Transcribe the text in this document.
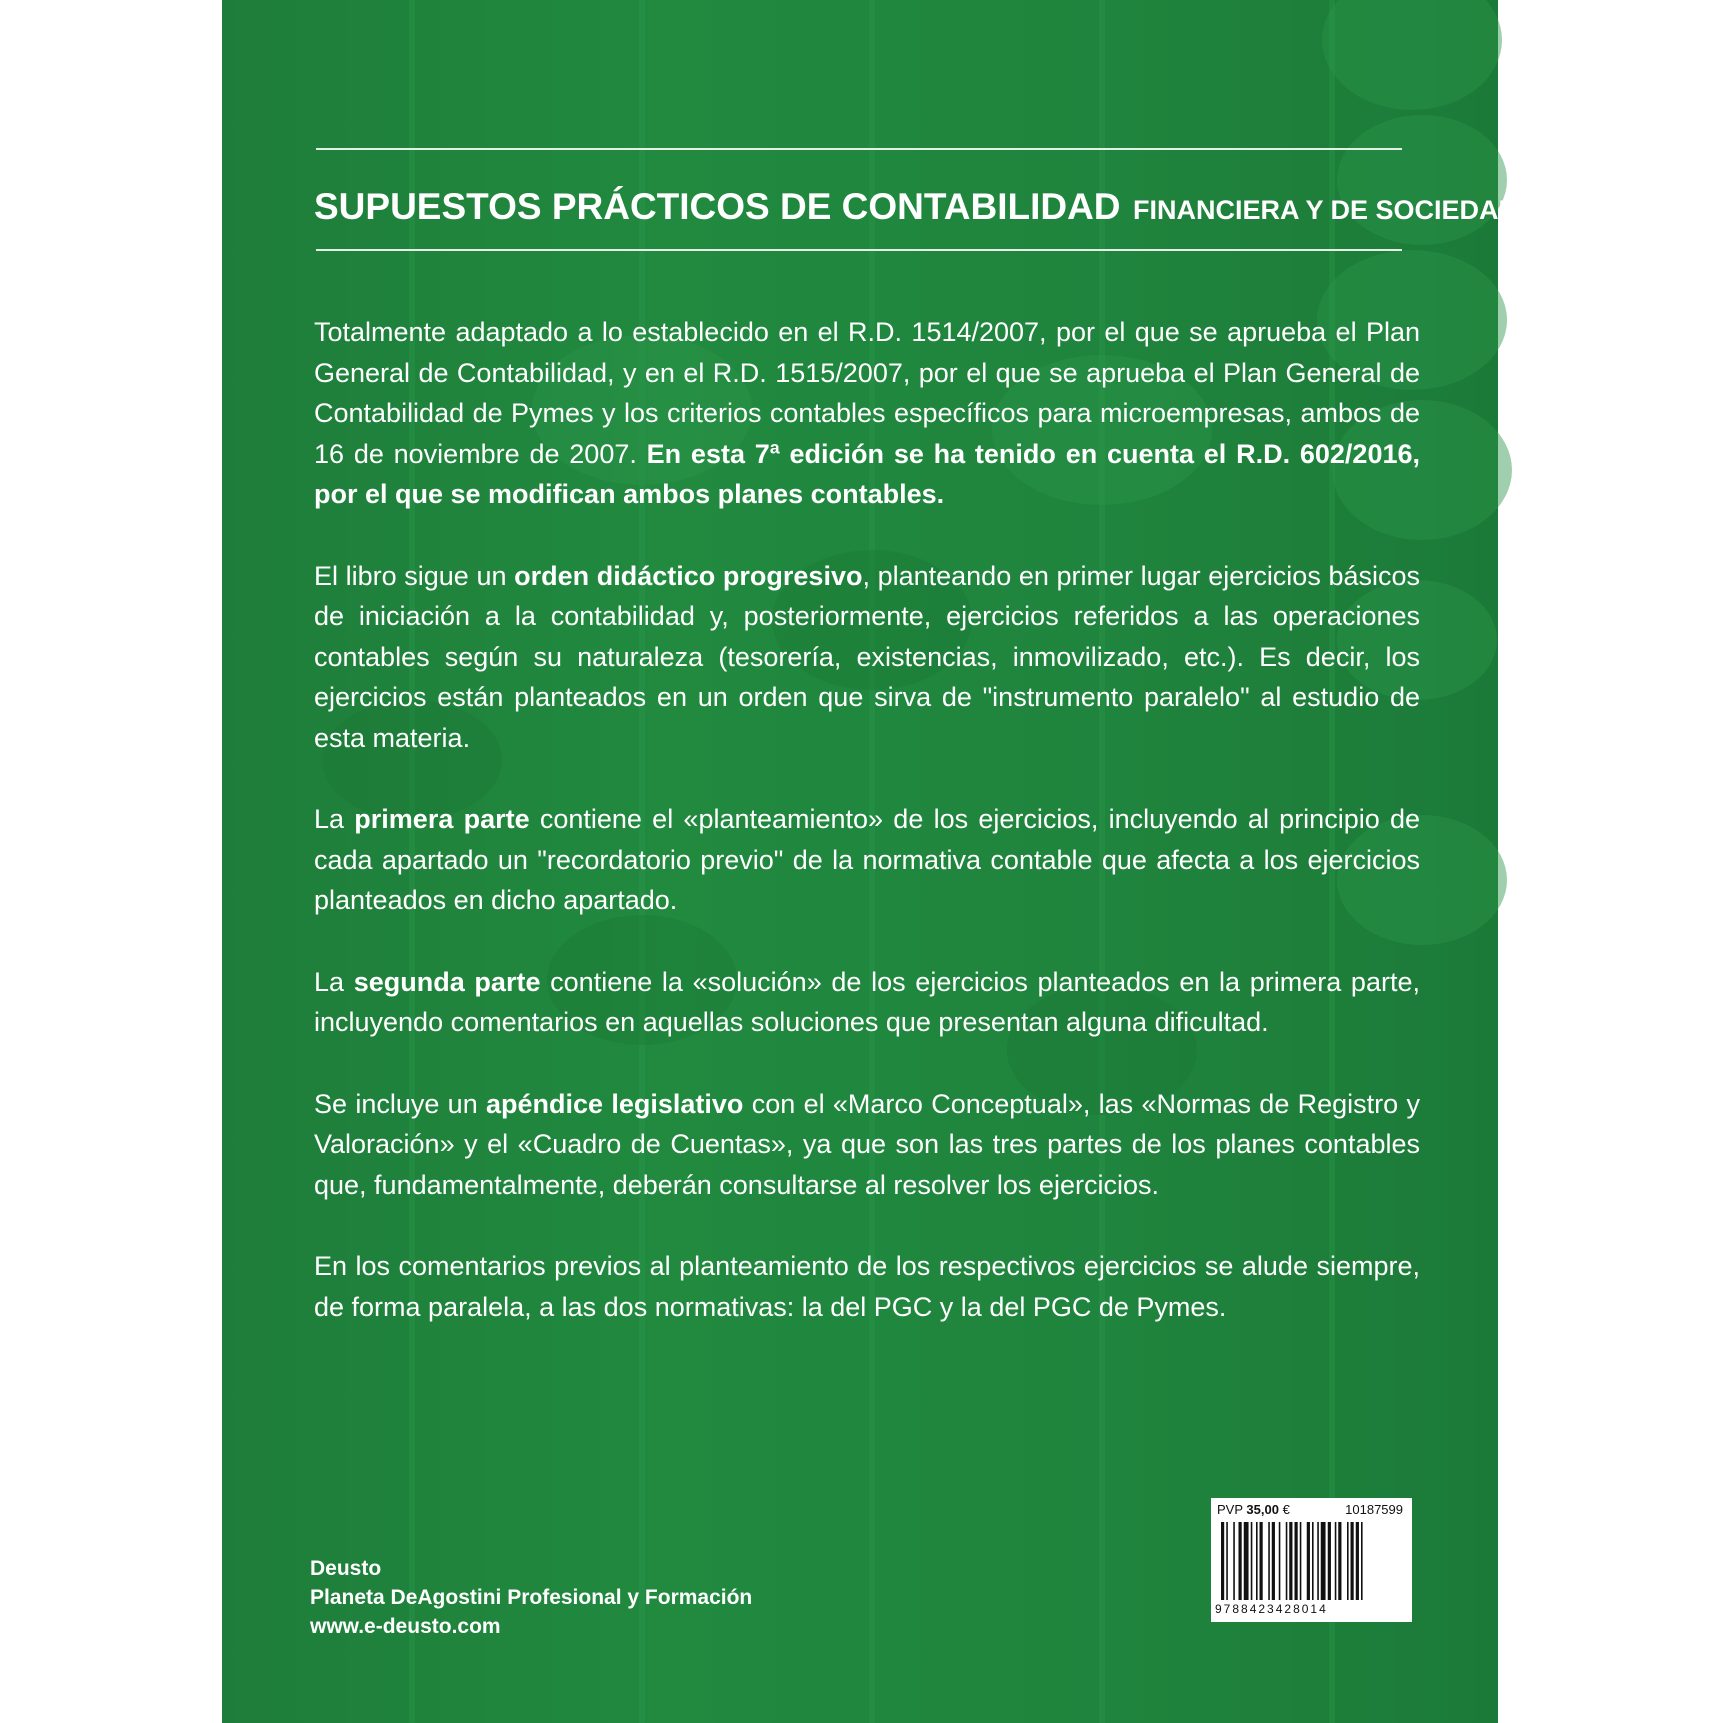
SUPUESTOS PRÁCTICOS DE CONTABILIDAD FINANCIERA Y DE SOCIEDADES

Totalmente adaptado a lo establecido en el R.D. 1514/2007, por el que se aprueba el Plan General de Contabilidad, y en el R.D. 1515/2007, por el que se aprueba el Plan General de Contabilidad de Pymes y los criterios contables específicos para microempresas, ambos de 16 de noviembre de 2007. En esta 7ª edición se ha tenido en cuenta el R.D. 602/2016, por el que se modifican ambos planes contables.

El libro sigue un orden didáctico progresivo, planteando en primer lugar ejercicios básicos de iniciación a la contabilidad y, posteriormente, ejercicios referidos a las operaciones contables según su naturaleza (tesorería, existencias, inmovilizado, etc.). Es decir, los ejercicios están planteados en un orden que sirva de "instrumento paralelo" al estudio de esta materia.

La primera parte contiene el «planteamiento» de los ejercicios, incluyendo al principio de cada apartado un "recordatorio previo" de la normativa contable que afecta a los ejercicios planteados en dicho apartado.

La segunda parte contiene la «solución» de los ejercicios planteados en la primera parte, incluyendo comentarios en aquellas soluciones que presentan alguna dificultad.

Se incluye un apéndice legislativo con el «Marco Conceptual», las «Normas de Registro y Valoración» y el «Cuadro de Cuentas», ya que son las tres partes de los planes contables que, fundamentalmente, deberán consultarse al resolver los ejercicios.

En los comentarios previos al planteamiento de los respectivos ejercicios se alude siempre, de forma paralela, a las dos normativas: la del PGC y la del PGC de Pymes.

Deusto
Planeta DeAgostini Profesional y Formación
www.e-deusto.com
PVP 35,00 €	10187599
9788423428014
